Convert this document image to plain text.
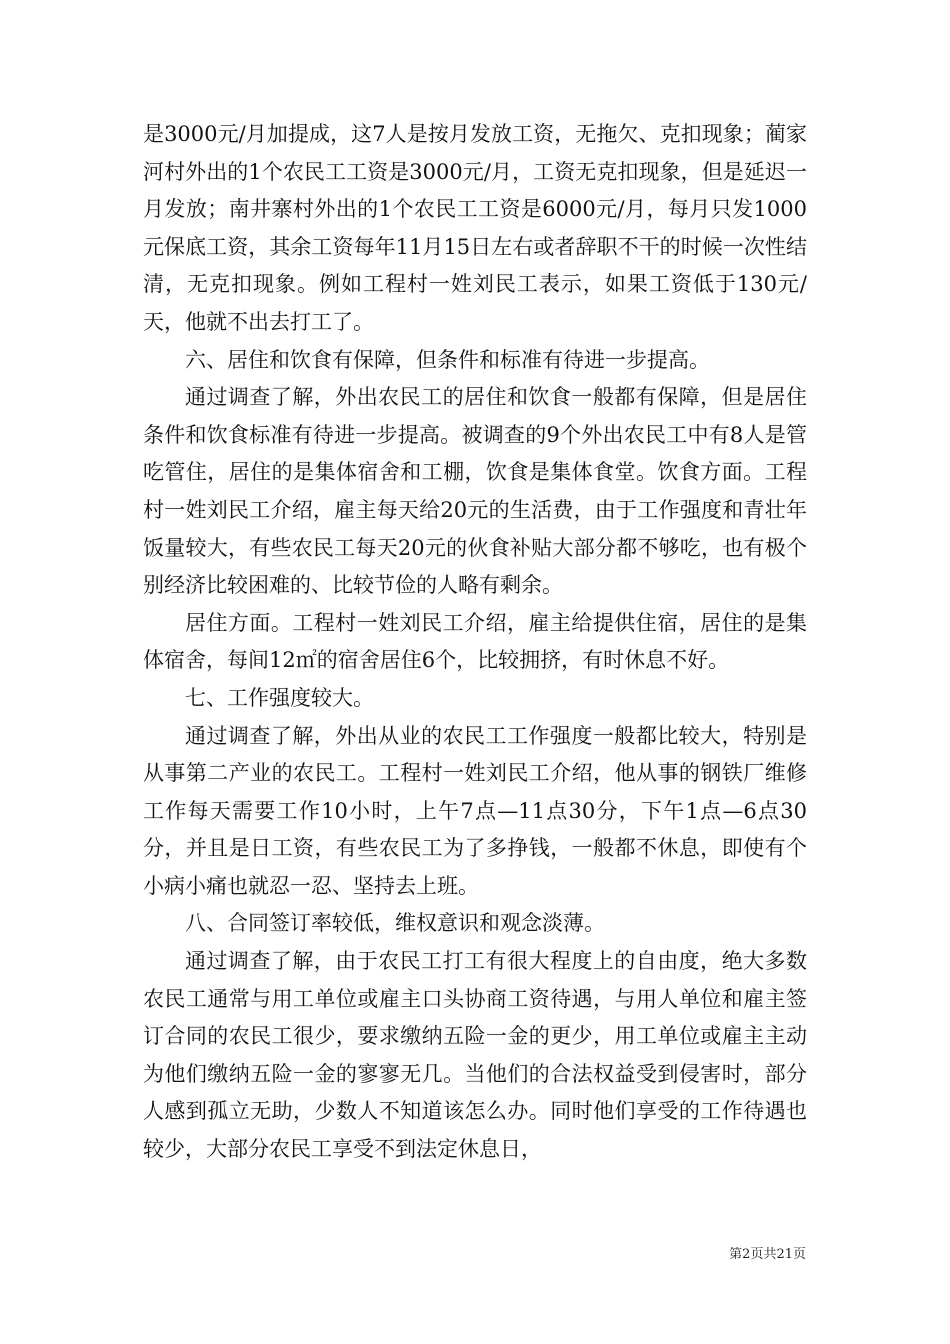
是3000元/月加提成，这7人是按月发放工资，无拖欠、克扣现象；蔺家河村外出的1个农民工工资是3000元/月，工资无克扣现象，但是延迟一月发放；南井寨村外出的1个农民工工资是6000元/月，每月只发1000元保底工资，其余工资每年11月15日左右或者辞职不干的时候一次性结清，无克扣现象。例如工程村一姓刘民工表示，如果工资低于130元/天，他就不出去打工了。

六、居住和饮食有保障，但条件和标准有待进一步提高。

通过调查了解，外出农民工的居住和饮食一般都有保障，但是居住条件和饮食标准有待进一步提高。被调查的9个外出农民工中有8人是管吃管住，居住的是集体宿舍和工棚，饮食是集体食堂。饮食方面。工程村一姓刘民工介绍，雇主每天给20元的生活费，由于工作强度和青壮年饭量较大，有些农民工每天20元的伙食补贴大部分都不够吃，也有极个别经济比较困难的、比较节俭的人略有剩余。

居住方面。工程村一姓刘民工介绍，雇主给提供住宿，居住的是集体宿舍，每间12㎡的宿舍居住6个，比较拥挤，有时休息不好。

七、工作强度较大。

通过调查了解，外出从业的农民工工作强度一般都比较大，特别是从事第二产业的农民工。工程村一姓刘民工介绍，他从事的钢铁厂维修工作每天需要工作10小时，上午7点—11点30分，下午1点—6点30分，并且是日工资，有些农民工为了多挣钱，一般都不休息，即使有个小病小痛也就忍一忍、坚持去上班。

八、合同签订率较低，维权意识和观念淡薄。

通过调查了解，由于农民工打工有很大程度上的自由度，绝大多数农民工通常与用工单位或雇主口头协商工资待遇，与用人单位和雇主签订合同的农民工很少，要求缴纳五险一金的更少，用工单位或雇主主动为他们缴纳五险一金的寥寥无几。当他们的合法权益受到侵害时，部分人感到孤立无助，少数人不知道该怎么办。同时他们享受的工作待遇也较少，大部分农民工享受不到法定休息日，

第2页共21页
